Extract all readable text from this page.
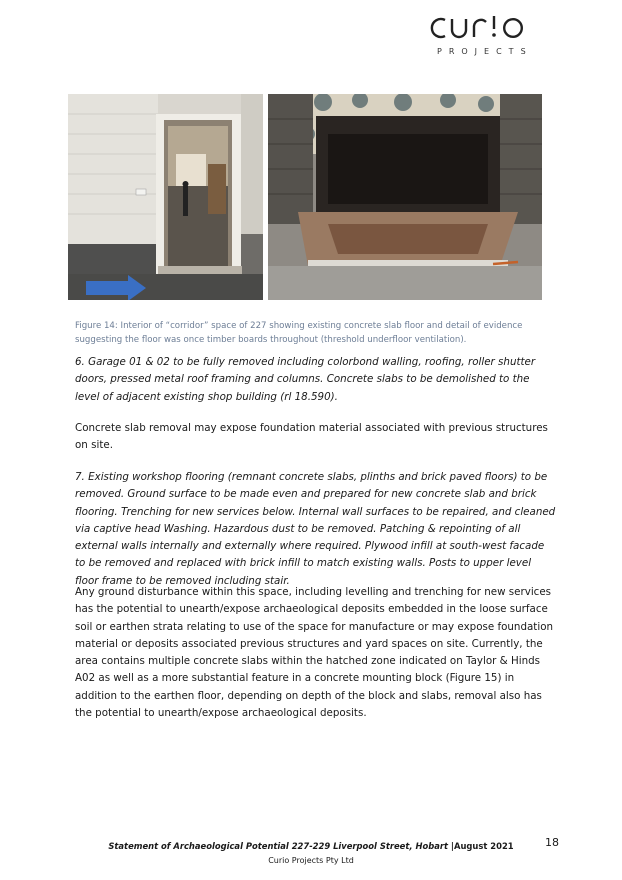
PROJECTS
Figure 14: Interior of “corridor” space of 227 showing existing concrete slab floor and detail of evidence suggesting the floor was once timber boards throughout (threshold underfloor ventilation).

6. Garage 01 & 02 to be fully removed including colorbond walling, roofing, roller shutter doors, pressed metal roof framing and columns. Concrete slabs to be demolished to the level of adjacent existing shop building (rl 18.590).

Concrete slab removal may expose foundation material associated with previous structures on site.

7. Existing workshop flooring (remnant concrete slabs, plinths and brick paved floors) to be removed. Ground surface to be made even and prepared for new concrete slab and brick flooring. Trenching for new services below. Internal wall surfaces to be repaired, and cleaned via captive head Washing. Hazardous dust to be removed. Patching & repointing of all external walls internally and externally where required. Plywood infill at south-west facade to be removed and replaced with brick infill to match existing walls. Posts to upper level floor frame to be removed including stair.

Any ground disturbance within this space, including levelling and trenching for new services has the potential to unearth/expose archaeological deposits embedded in the loose surface soil or earthen strata relating to use of the space for manufacture or may expose foundation material or deposits associated previous structures and yard spaces on site. Currently, the area contains multiple concrete slabs within the hatched zone indicated on Taylor & Hinds A02 as well as a more substantial feature in a concrete mounting block (Figure 15) in addition to the earthen floor, depending on depth of the block and slabs, removal also has the potential to unearth/expose archaeological deposits.

Statement of Archaeological Potential 227-229 Liverpool Street, Hobart |August 2021
Curio Projects Pty Ltd
18
